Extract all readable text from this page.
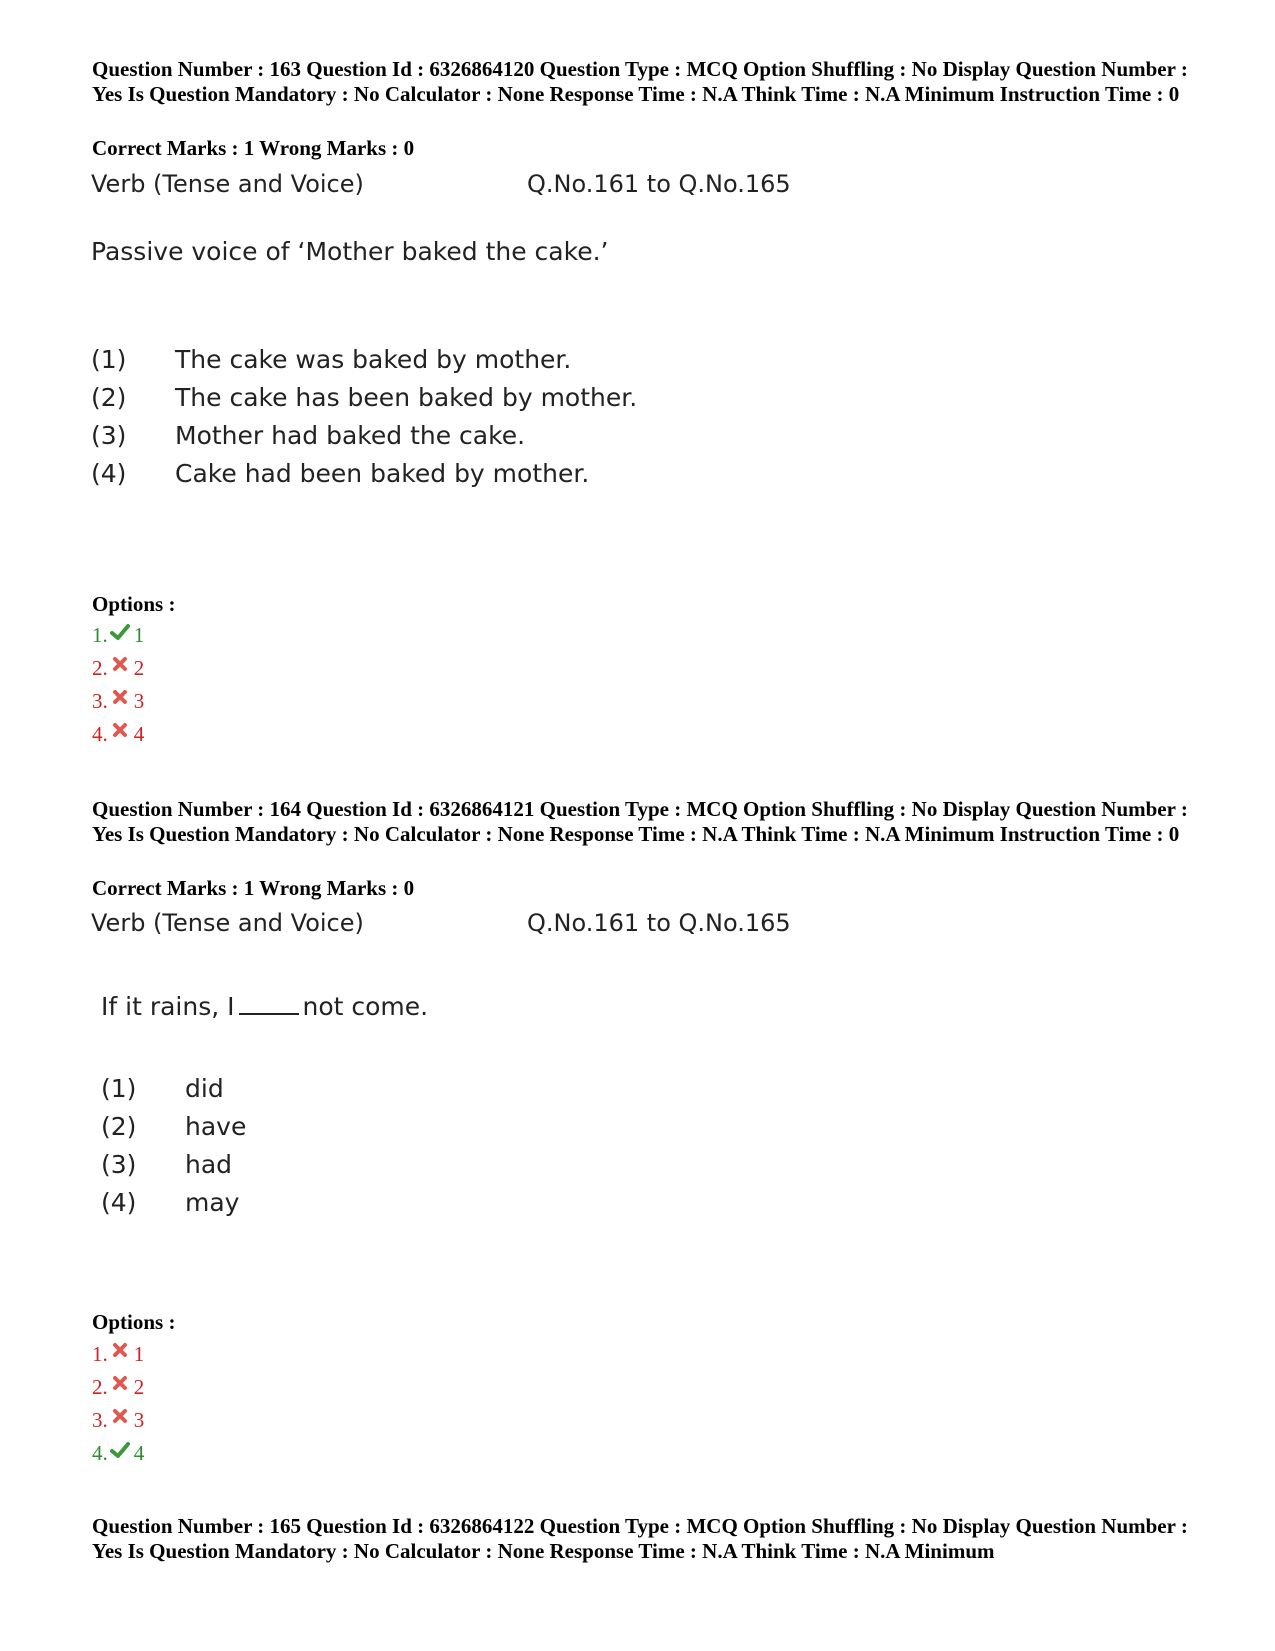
Question Number : 163 Question Id : 6326864120 Question Type : MCQ Option Shuffling : No Display Question Number : Yes Is Question Mandatory : No Calculator : None Response Time : N.A Think Time : N.A Minimum Instruction Time : 0
Correct Marks : 1 Wrong Marks : 0
Verb (Tense and Voice)	Q.No.161 to Q.No.165
Passive voice of ‘Mother baked the cake.’
(1) The cake was baked by mother.
(2) The cake has been baked by mother.
(3) Mother had baked the cake.
(4) Cake had been baked by mother.
Options :
1. 1
2. 2
3. 3
4. 4
Question Number : 164 Question Id : 6326864121 Question Type : MCQ Option Shuffling : No Display Question Number : Yes Is Question Mandatory : No Calculator : None Response Time : N.A Think Time : N.A Minimum Instruction Time : 0
Correct Marks : 1 Wrong Marks : 0
Verb (Tense and Voice)	Q.No.161 to Q.No.165
If it rains, I	not come.
(1) did
(2) have
(3) had
(4) may
Options :
1. 1
2. 2
3. 3
4. 4
Question Number : 165 Question Id : 6326864122 Question Type : MCQ Option Shuffling : No Display Question Number : Yes Is Question Mandatory : No Calculator : None Response Time : N.A Think Time : N.A Minimum
